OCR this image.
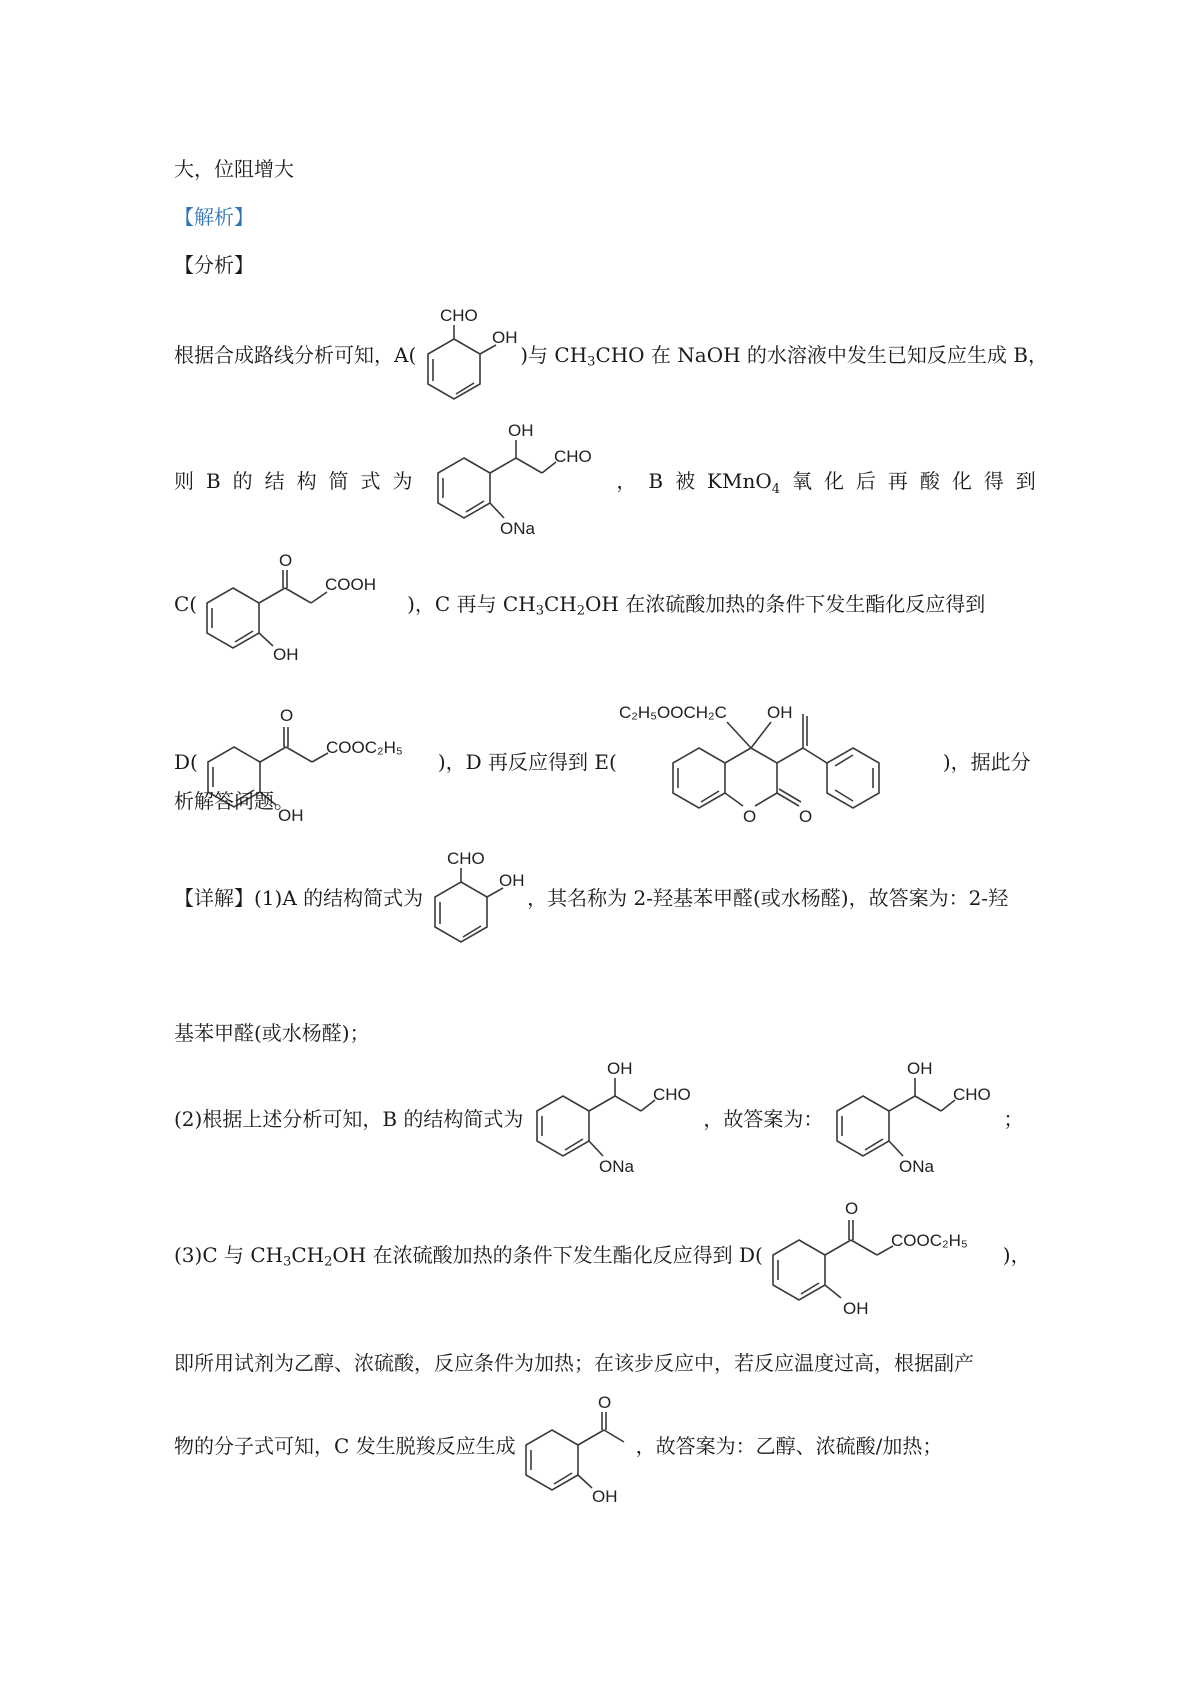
大，位阻增大
【解析】
【分析】
根据合成路线分析可知，A(
CHO
OH
)与 $CH_3CHO$ 在 NaOH 的水溶液中发生已知反应生成 B，
则 B 的 结 构 简 式 为
OH
CHO
ONa
， B 被 KMnO$_4$ 氧 化 后 再 酸 化 得 到
C(
O
COOH
OH
)，C 再与 $CH_3CH_2OH$ 在浓硫酸加热的条件下发生酯化反应得到
D(
O
COOC₂H₅
OH
)，D 再反应得到 E(
C₂H₅OOCH₂C OH
O	O
)，据此分
析解答问题。
【详解】(1)A 的结构简式为
CHO
OH
，其名称为 2-羟基苯甲醛(或水杨醛)，故答案为：2-羟
基苯甲醛(或水杨醛)；
(2)根据上述分析可知，B 的结构简式为
OH
CHO
ONa
，故答案为：
OH
CHO
ONa
；
(3)C 与 $CH_3CH_2OH$ 在浓硫酸加热的条件下发生酯化反应得到 D(
O
COOC₂H₅
OH
)，
即所用试剂为乙醇、浓硫酸，反应条件为加热；在该步反应中，若反应温度过高，根据副产
物的分子式可知，C 发生脱羧反应生成
O
OH
，故答案为：乙醇、浓硫酸/加热；
